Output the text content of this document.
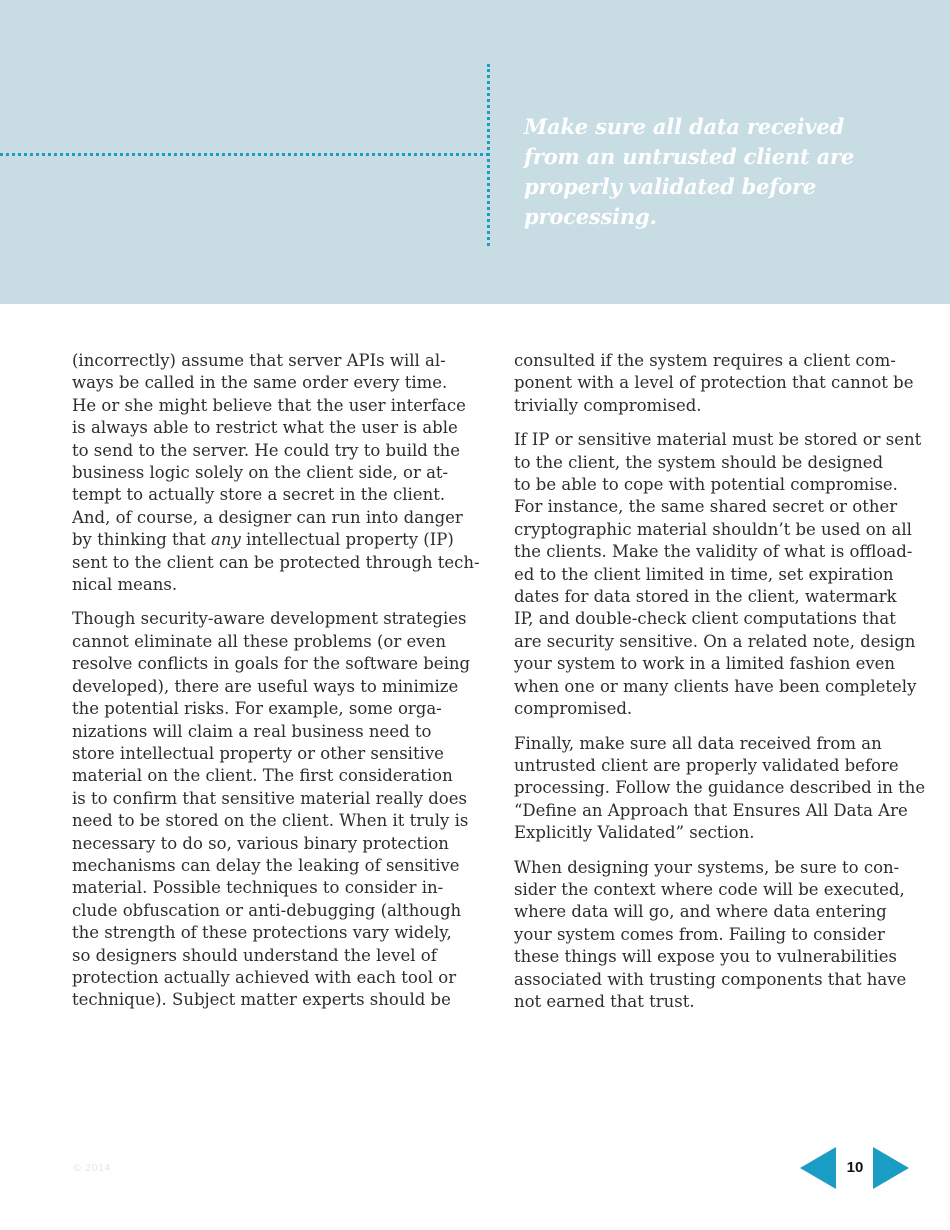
Make sure all data received from an untrusted client are properly validated before processing.

(incorrectly) assume that server APIs will al-
ways be called in the same order every time.
He or she might believe that the user interface
is always able to restrict what the user is able
to send to the server. He could try to build the
business logic solely on the client side, or at-
tempt to actually store a secret in the client.
And, of course, a designer can run into danger
by thinking that any intellectual property (IP)
sent to the client can be protected through tech-
nical means.

Though security-aware development strategies
cannot eliminate all these problems (or even
resolve conflicts in goals for the software being
developed), there are useful ways to minimize
the potential risks. For example, some orga-
nizations will claim a real business need to
store intellectual property or other sensitive
material on the client. The first consideration
is to confirm that sensitive material really does
need to be stored on the client. When it truly is
necessary to do so, various binary protection
mechanisms can delay the leaking of sensitive
material. Possible techniques to consider in-
clude obfuscation or anti-debugging (although
the strength of these protections vary widely,
so designers should understand the level of
protection actually achieved with each tool or
technique). Subject matter experts should be

consulted if the system requires a client com-
ponent with a level of protection that cannot be
trivially compromised.

If IP or sensitive material must be stored or sent
to the client, the system should be designed
to be able to cope with potential compromise.
For instance, the same shared secret or other
cryptographic material shouldn’t be used on all
the clients. Make the validity of what is offload-
ed to the client limited in time, set expiration
dates for data stored in the client, watermark
IP, and double-check client computations that
are security sensitive. On a related note, design
your system to work in a limited fashion even
when one or many clients have been completely
compromised.

Finally, make sure all data received from an
untrusted client are properly validated before
processing. Follow the guidance described in the
“Define an Approach that Ensures All Data Are
Explicitly Validated” section.

When designing your systems, be sure to con-
sider the context where code will be executed,
where data will go, and where data entering
your system comes from. Failing to consider
these things will expose you to vulnerabilities
associated with trusting components that have
not earned that trust.

© 2014	10
